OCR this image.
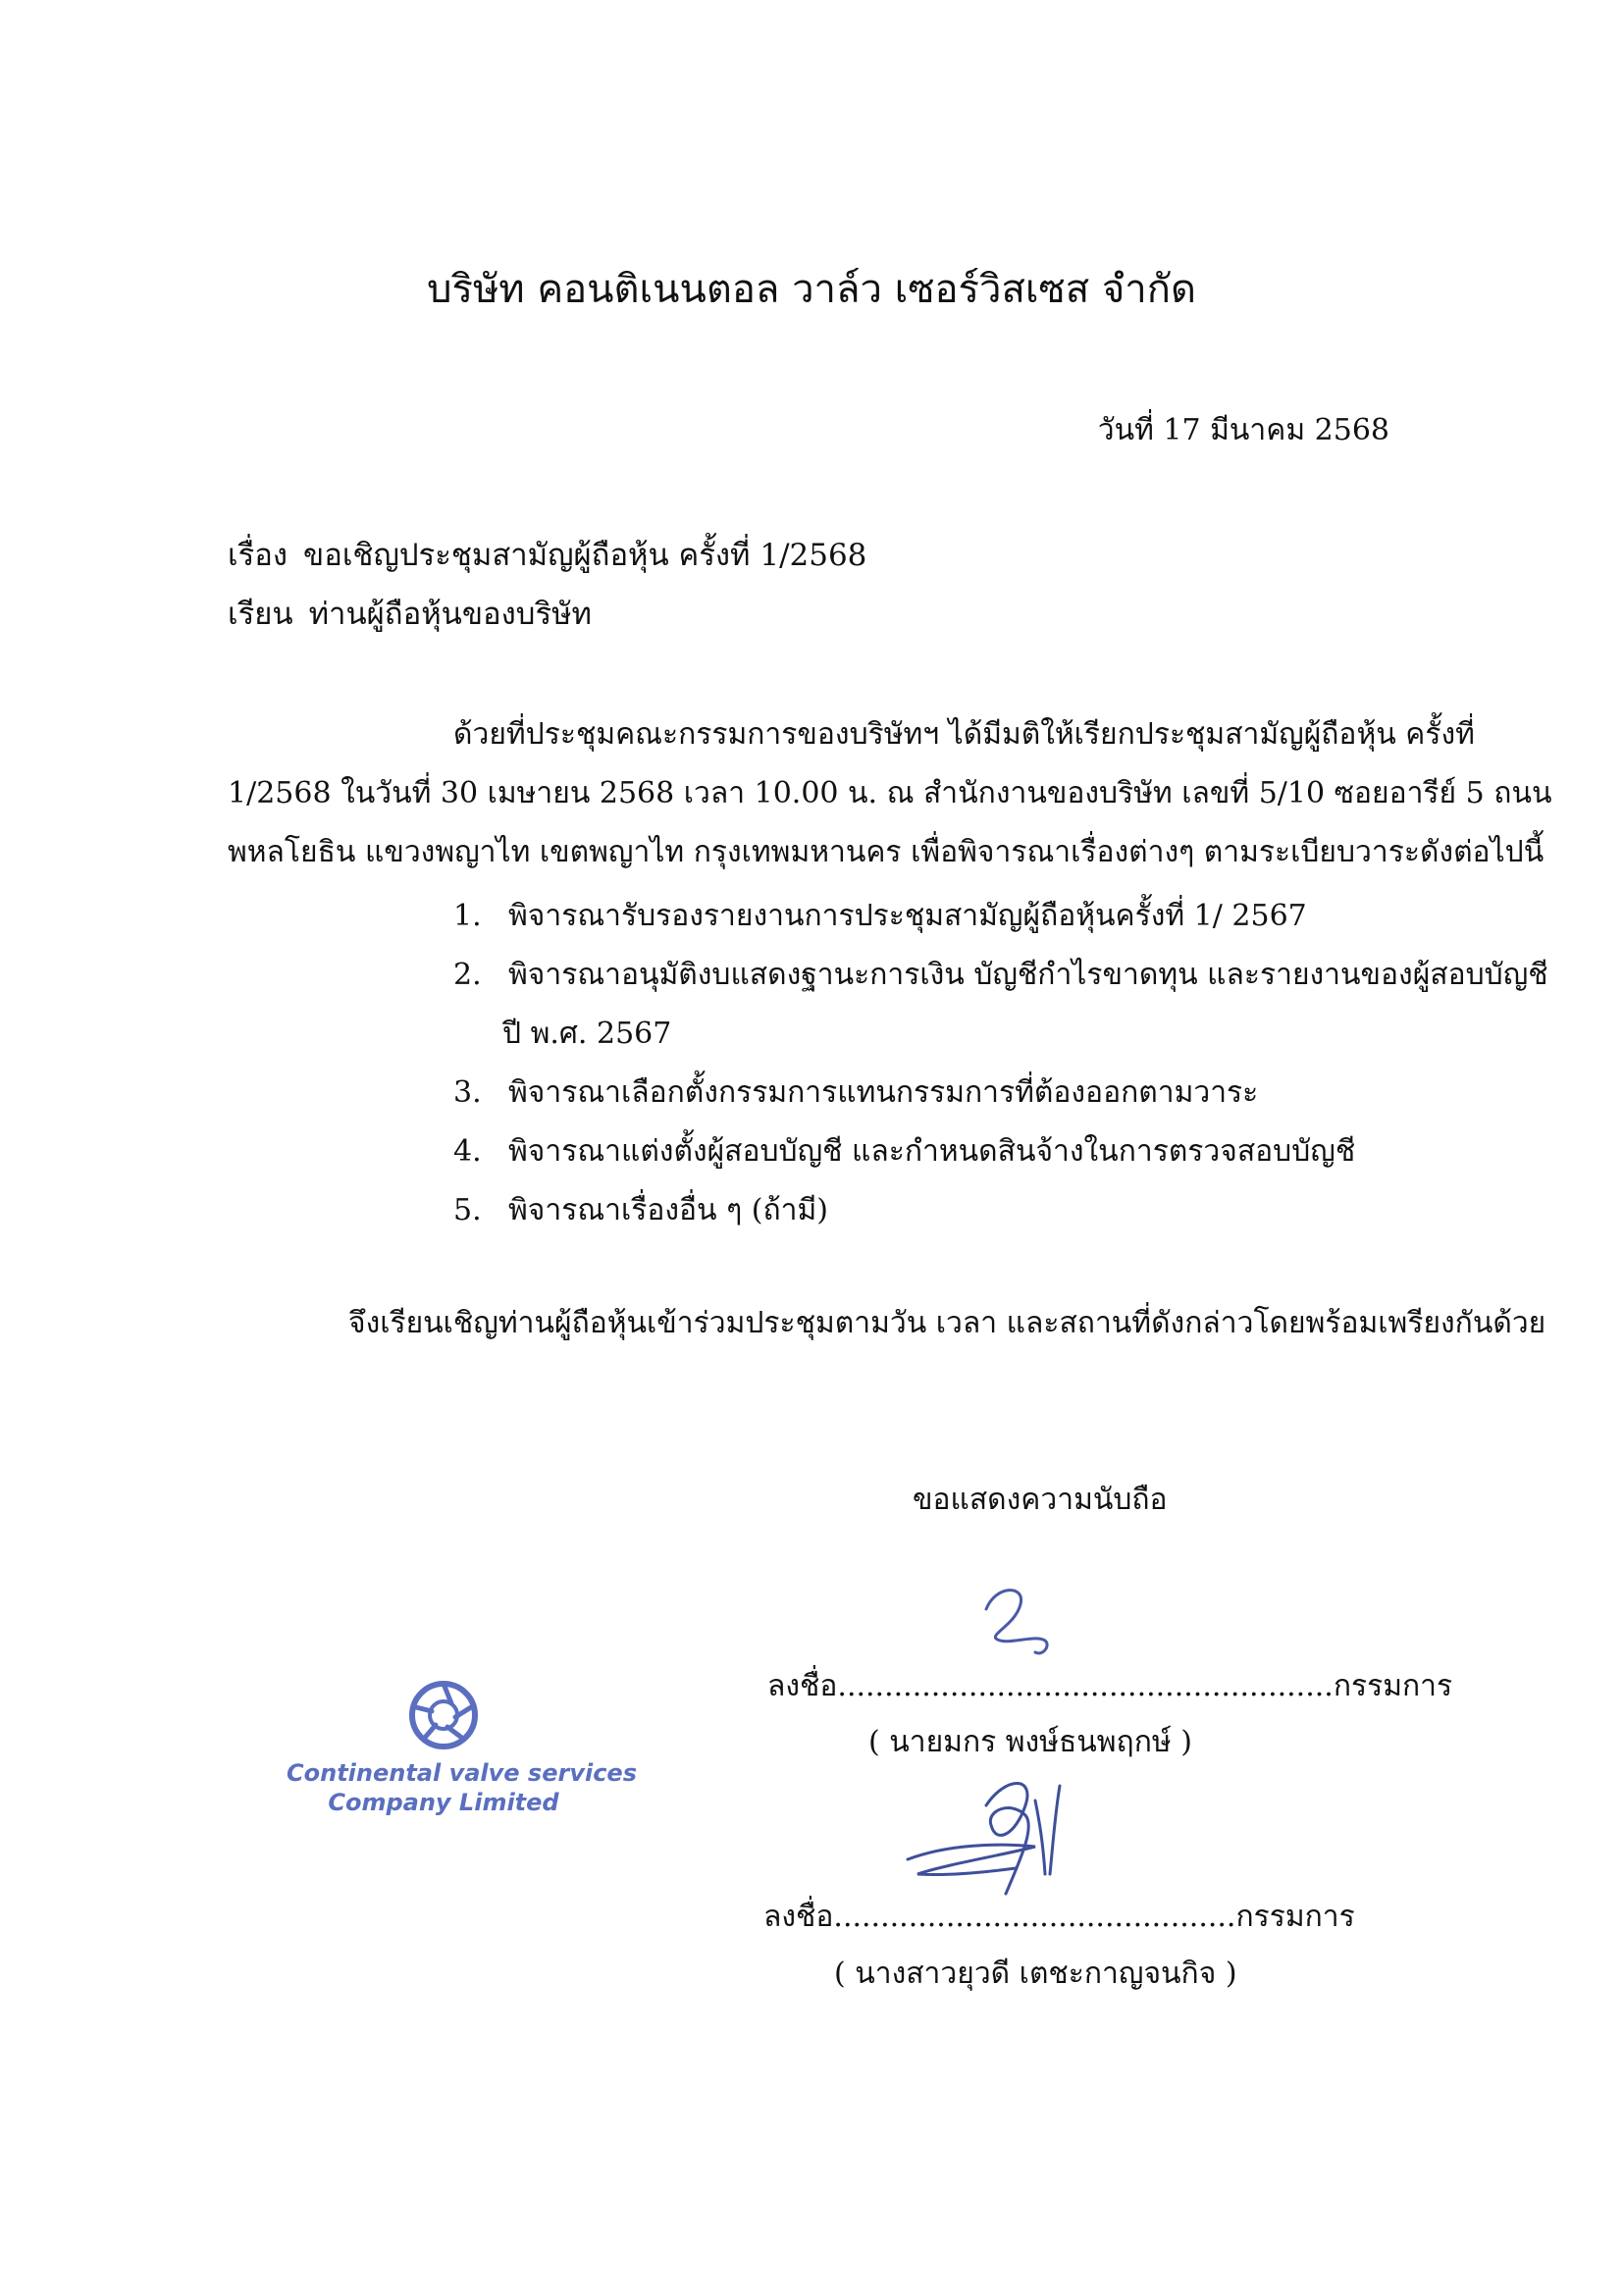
บริษัท คอนติเนนตอล วาล์ว เซอร์วิสเซส จำกัด
วันที่ 17 มีนาคม 2568
เรื่อง ขอเชิญประชุมสามัญผู้ถือหุ้น ครั้งที่ 1/2568
เรียน ท่านผู้ถือหุ้นของบริษัท
ด้วยที่ประชุมคณะกรรมการของบริษัทฯ ได้มีมติให้เรียกประชุมสามัญผู้ถือหุ้น ครั้งที่
1/2568 ในวันที่ 30 เมษายน 2568 เวลา 10.00 น. ณ สำนักงานของบริษัท เลขที่ 5/10 ซอยอารีย์ 5 ถนน
พหลโยธิน แขวงพญาไท เขตพญาไท กรุงเทพมหานคร เพื่อพิจารณาเรื่องต่างๆ ตามระเบียบวาระดังต่อไปนี้
1. พิจารณารับรองรายงานการประชุมสามัญผู้ถือหุ้นครั้งที่ 1/ 2567
2. พิจารณาอนุมัติงบแสดงฐานะการเงิน บัญชีกำไรขาดทุน และรายงานของผู้สอบบัญชี
ปี พ.ศ. 2567
3. พิจารณาเลือกตั้งกรรมการแทนกรรมการที่ต้องออกตามวาระ
4. พิจารณาแต่งตั้งผู้สอบบัญชี และกำหนดสินจ้างในการตรวจสอบบัญชี
5. พิจารณาเรื่องอื่น ๆ (ถ้ามี)
จึงเรียนเชิญท่านผู้ถือหุ้นเข้าร่วมประชุมตามวัน เวลา และสถานที่ดังกล่าวโดยพร้อมเพรียงกันด้วย
ขอแสดงความนับถือ
ลงชื่อ.....................................................กรรมการ
( นายมกร พงษ์ธนพฤกษ์ )
ลงชื่อ...........................................กรรมการ
( นางสาวยุวดี เตชะกาญจนกิจ )
Continental valve services
Company Limited
